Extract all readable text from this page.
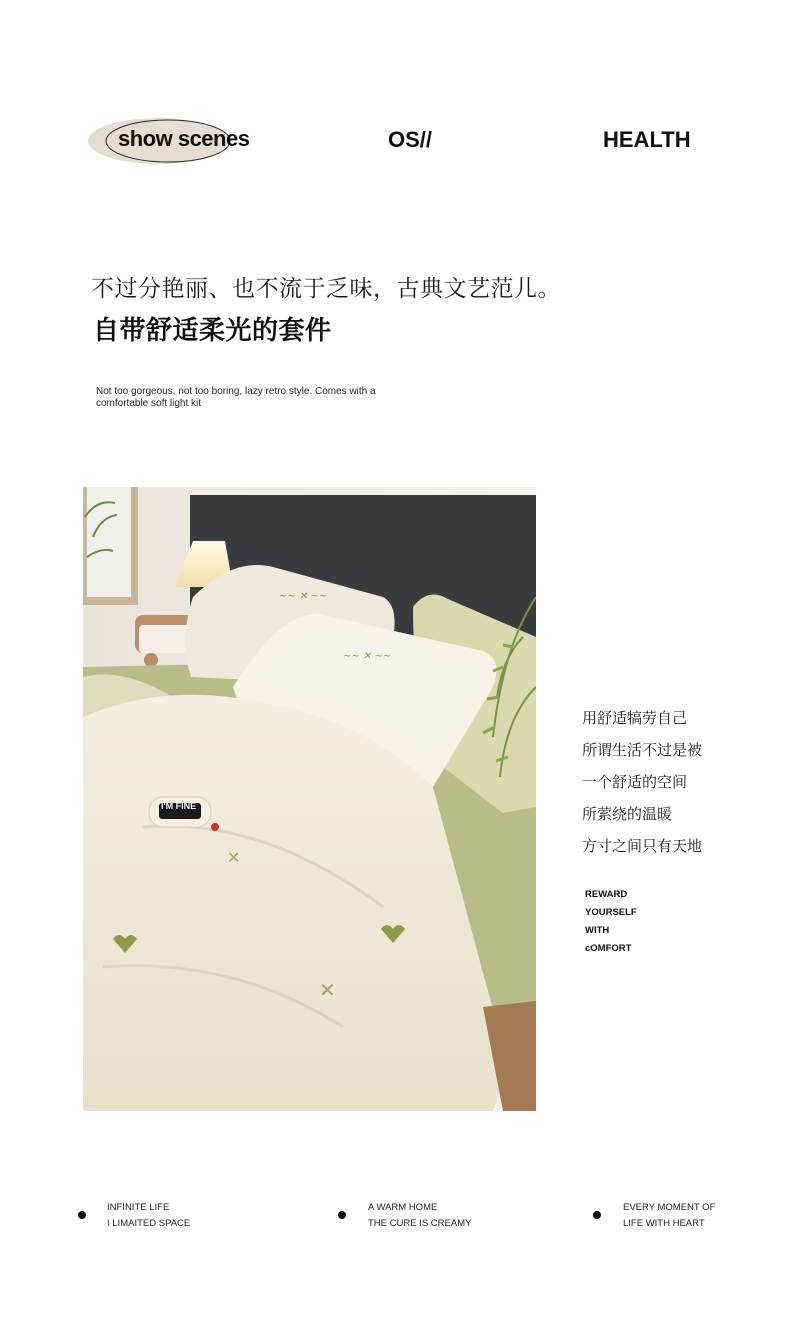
show scenes	OS//	HEALTH
不过分艳丽、也不流于乏味，古典文艺范儿。
自带舒适柔光的套件
Not too gorgeous, not too boring, lazy retro style. Comes with a comfortable soft light kit
~~ ✕ ~~
~~ ✕ ~~
✕
✕
I'M FINE
用舒适犒劳自己
所谓生活不过是被
一个舒适的空间
所萦绕的温暖
方寸之间只有天地
REWARD
YOURSELF
WITH
cOMFORT
INFINITE LIFE
I LIMAITED SPACE
A WARM HOME
THE CURE IS CREAMY
EVERY MOMENT OF
LIFE WITH HEART
